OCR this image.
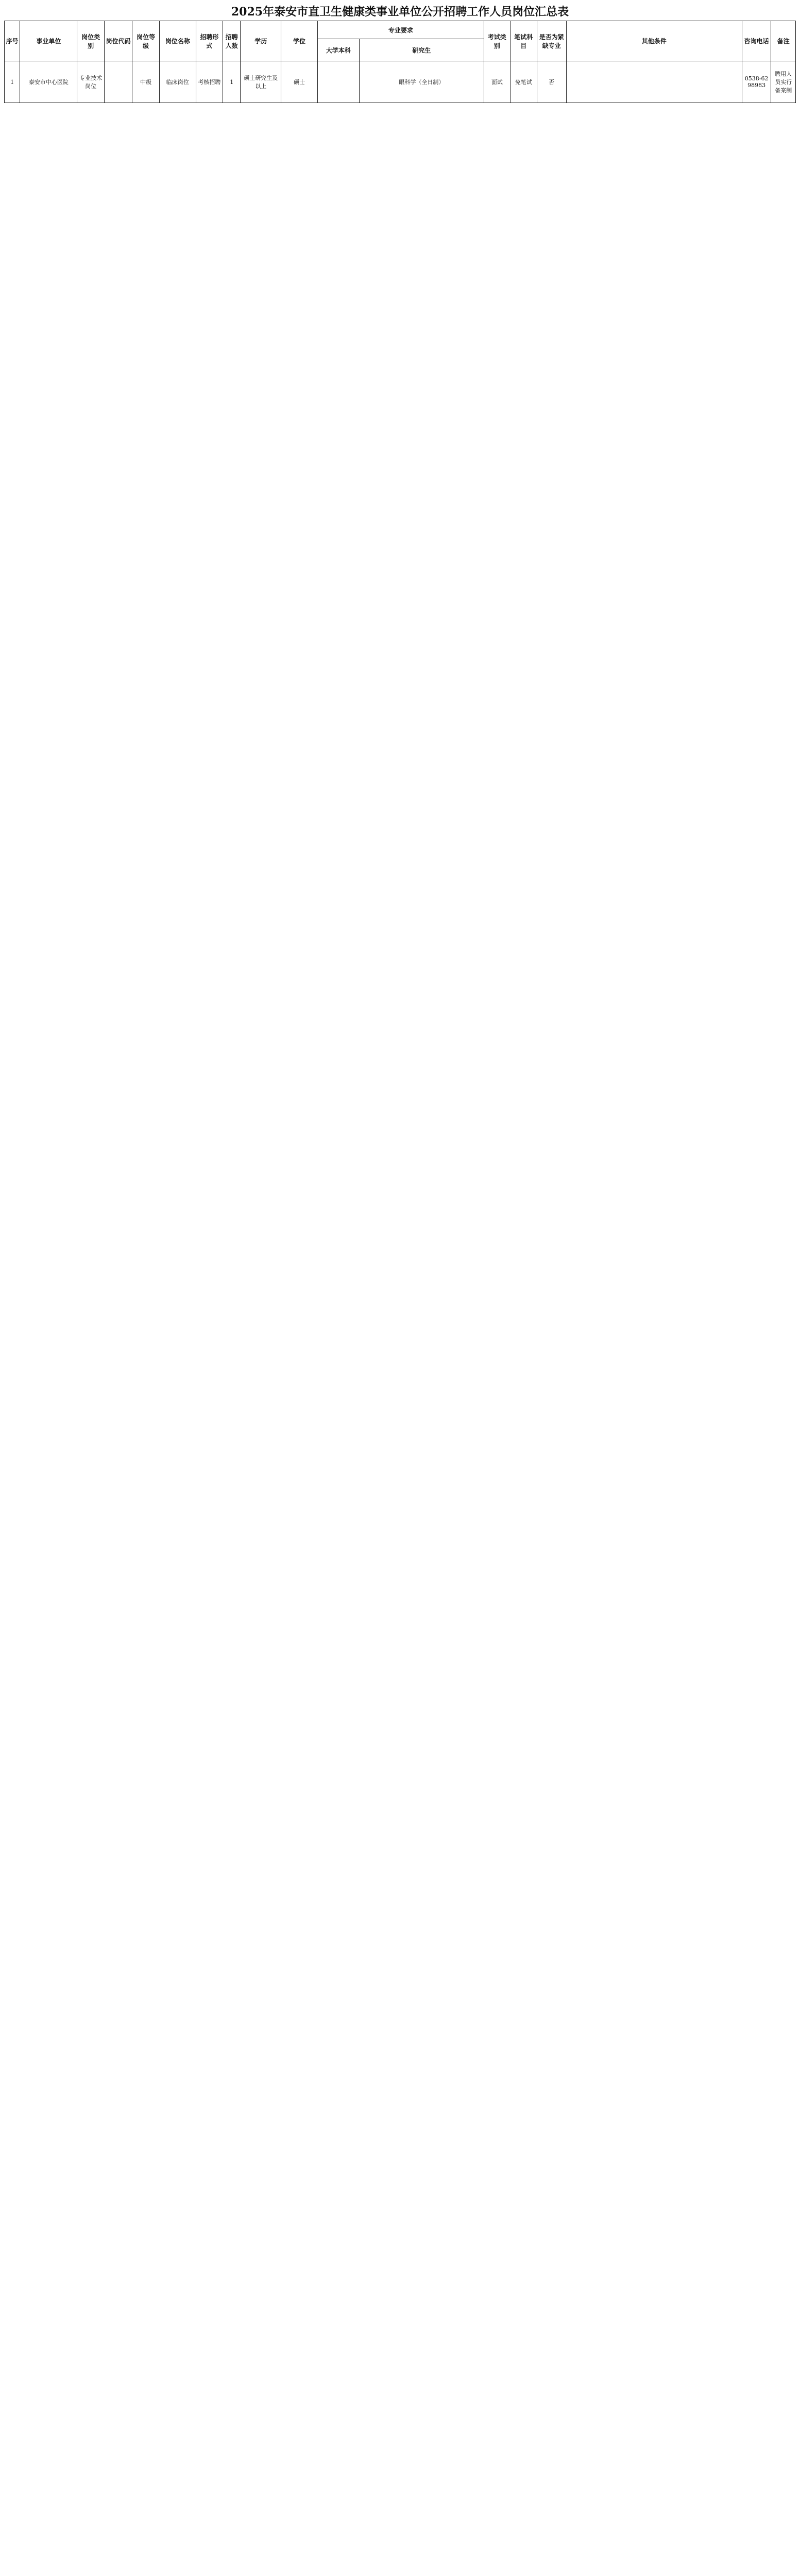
2025年泰安市直卫生健康类事业单位公开招聘工作人员岗位汇总表
序号	事业单位	岗位类别	岗位代码	岗位等级	岗位名称	招聘形式	招聘人数	学历	学位	专业要求		考试类别	笔试科目	是否为紧缺专业	其他条件	咨询电话	备注
										大学本科	研究生						
1	泰安市中心医院	专业技术岗位		中级	临床岗位	考核招聘	1	硕士研究生及以上	硕士		眼科学（全日制）	面试	免笔试	否		0538-6298983	聘用人员实行备案制
